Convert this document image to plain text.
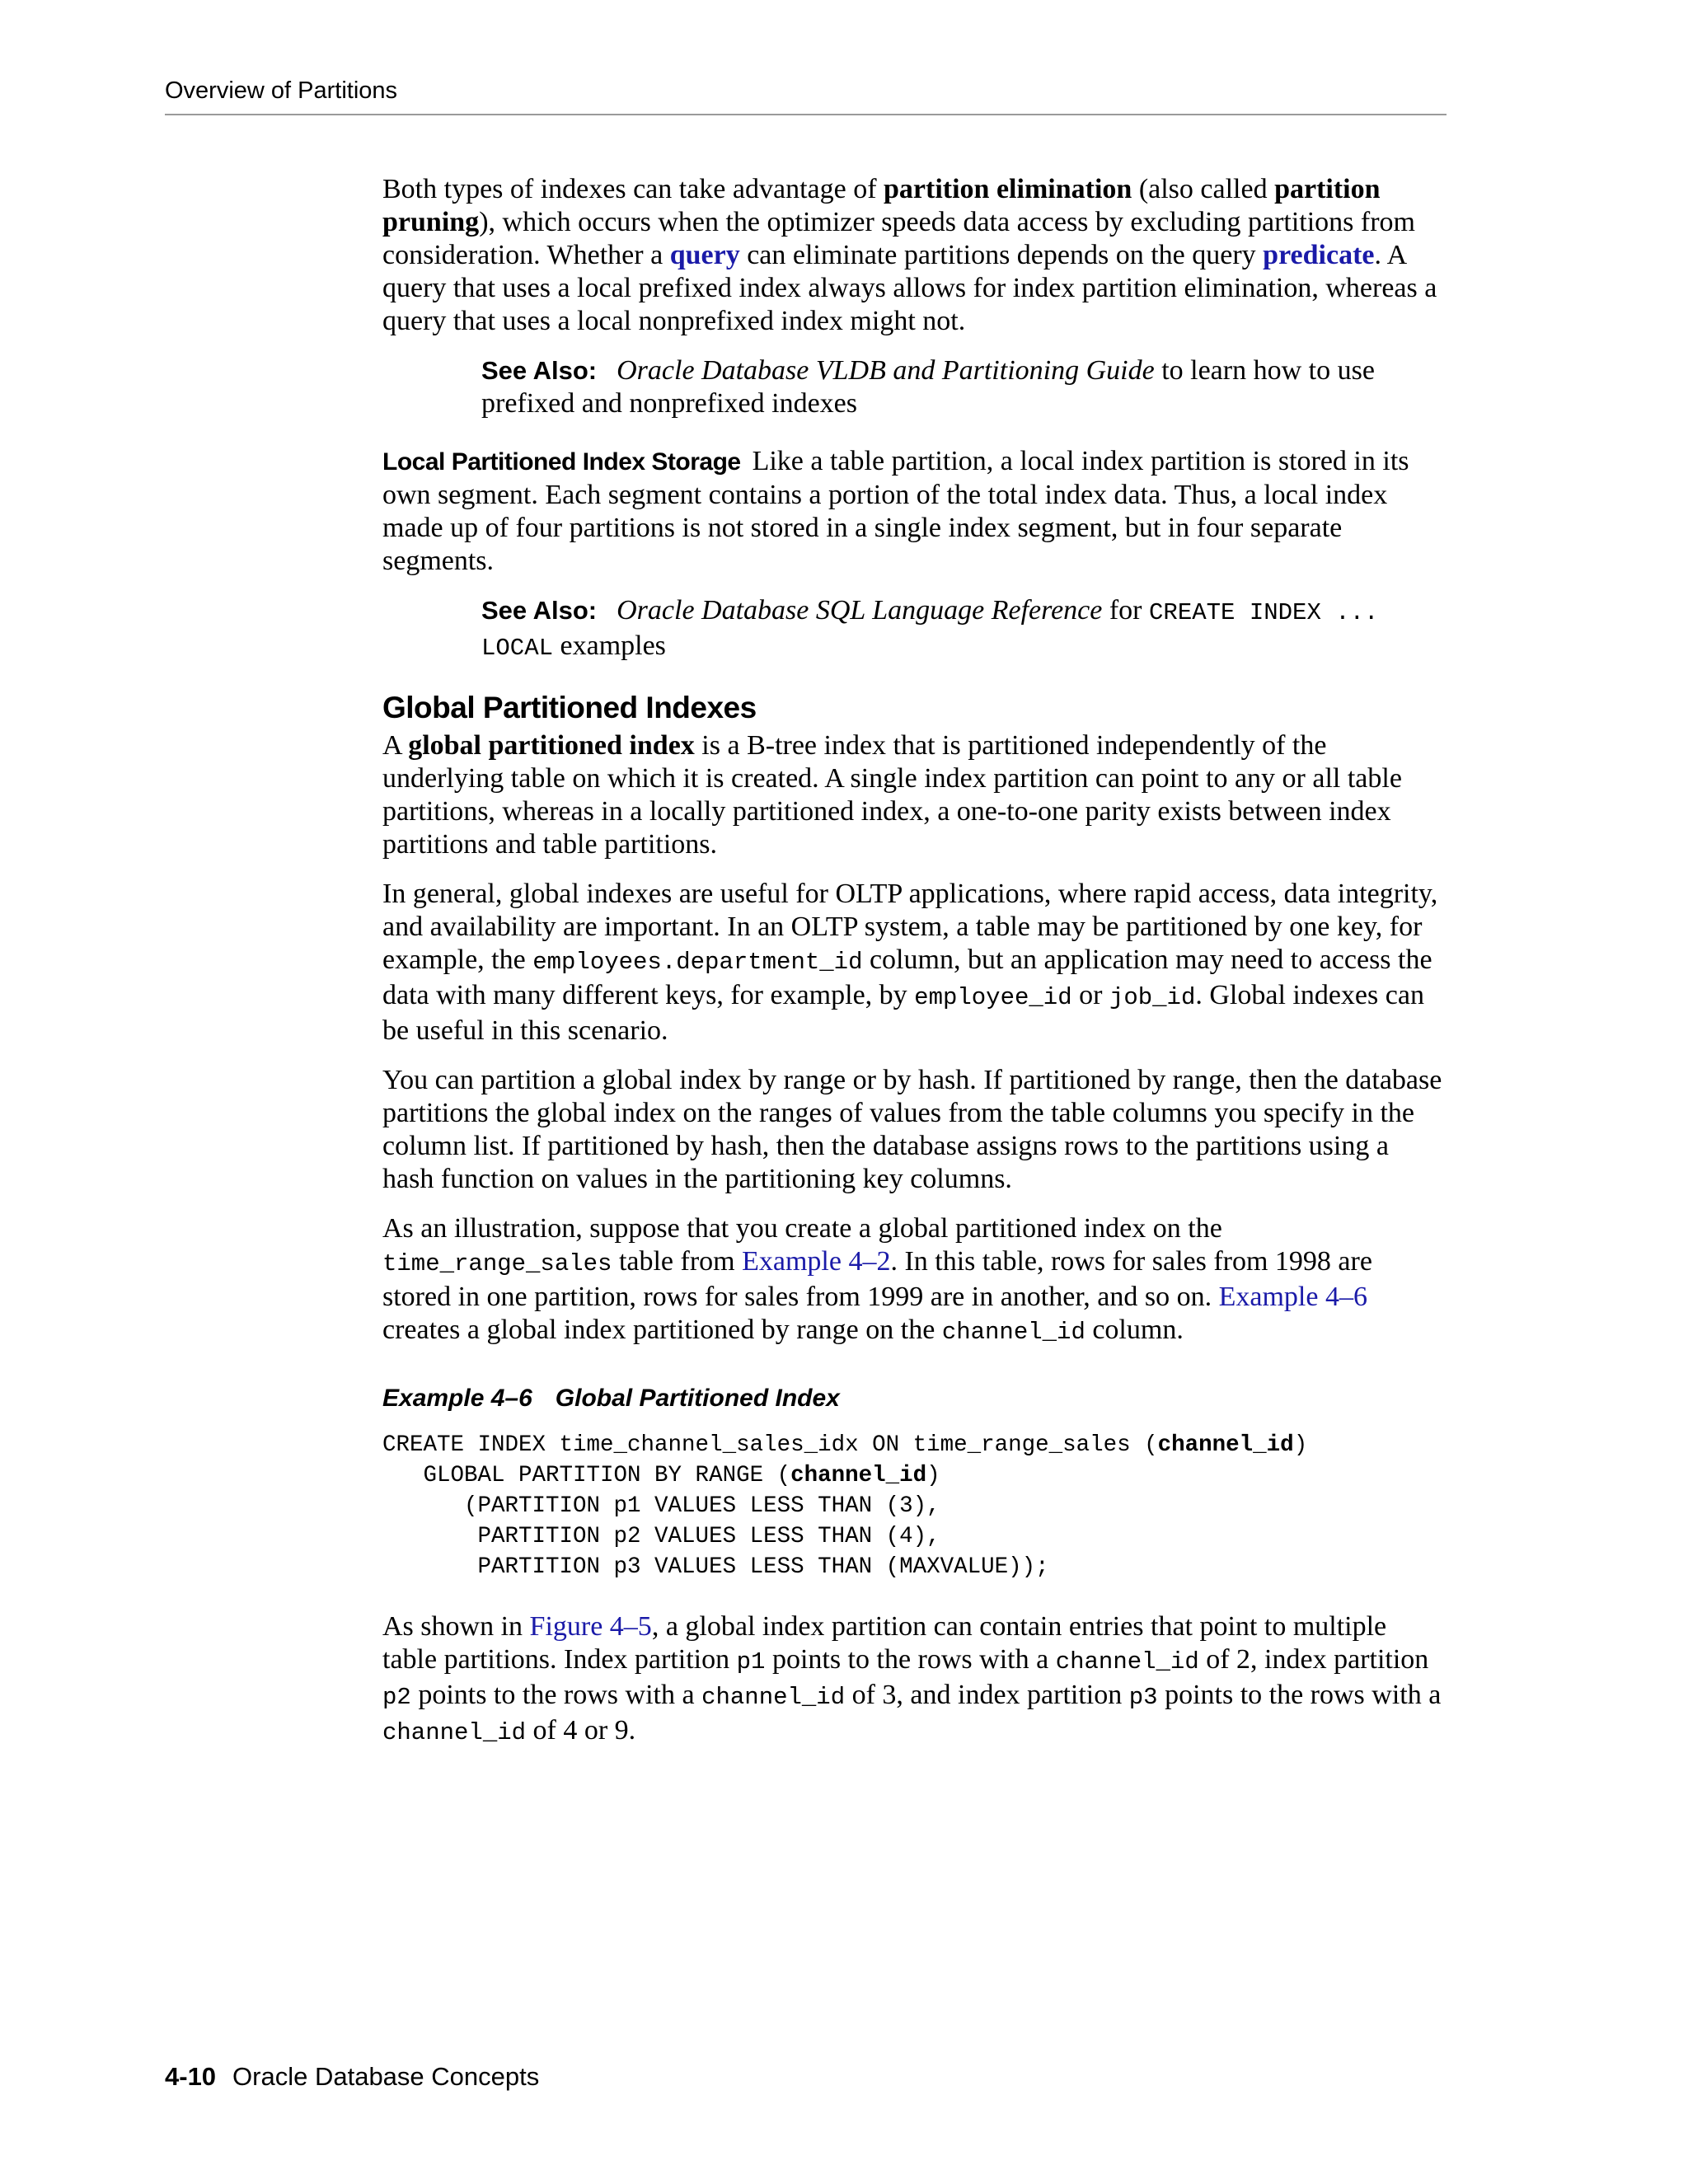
Overview of Partitions

Both types of indexes can take advantage of partition elimination (also called partition pruning), which occurs when the optimizer speeds data access by excluding partitions from consideration. Whether a query can eliminate partitions depends on the query predicate. A query that uses a local prefixed index always allows for index partition elimination, whereas a query that uses a local nonprefixed index might not.

See Also: Oracle Database VLDB and Partitioning Guide to learn how to use prefixed and nonprefixed indexes

Local Partitioned Index Storage Like a table partition, a local index partition is stored in its own segment. Each segment contains a portion of the total index data. Thus, a local index made up of four partitions is not stored in a single index segment, but in four separate segments.

See Also: Oracle Database SQL Language Reference for CREATE INDEX ... LOCAL examples
Global Partitioned Indexes

A global partitioned index is a B-tree index that is partitioned independently of the underlying table on which it is created. A single index partition can point to any or all table partitions, whereas in a locally partitioned index, a one-to-one parity exists between index partitions and table partitions.

In general, global indexes are useful for OLTP applications, where rapid access, data integrity, and availability are important. In an OLTP system, a table may be partitioned by one key, for example, the employees.department_id column, but an application may need to access the data with many different keys, for example, by employee_id or job_id. Global indexes can be useful in this scenario.

You can partition a global index by range or by hash. If partitioned by range, then the database partitions the global index on the ranges of values from the table columns you specify in the column list. If partitioned by hash, then the database assigns rows to the partitions using a hash function on values in the partitioning key columns.

As an illustration, suppose that you create a global partitioned index on the time_range_sales table from Example 4–2. In this table, rows for sales from 1998 are stored in one partition, rows for sales from 1999 are in another, and so on. Example 4–6 creates a global index partitioned by range on the channel_id column.

Example 4–6 Global Partitioned Index
CREATE INDEX time_channel_sales_idx ON time_range_sales (channel_id)
GLOBAL PARTITION BY RANGE (channel_id)
(PARTITION p1 VALUES LESS THAN (3),
PARTITION p2 VALUES LESS THAN (4),
PARTITION p3 VALUES LESS THAN (MAXVALUE));

As shown in Figure 4–5, a global index partition can contain entries that point to multiple table partitions. Index partition p1 points to the rows with a channel_id of 2, index partition p2 points to the rows with a channel_id of 3, and index partition p3 points to the rows with a channel_id of 4 or 9.

4-10 Oracle Database Concepts
